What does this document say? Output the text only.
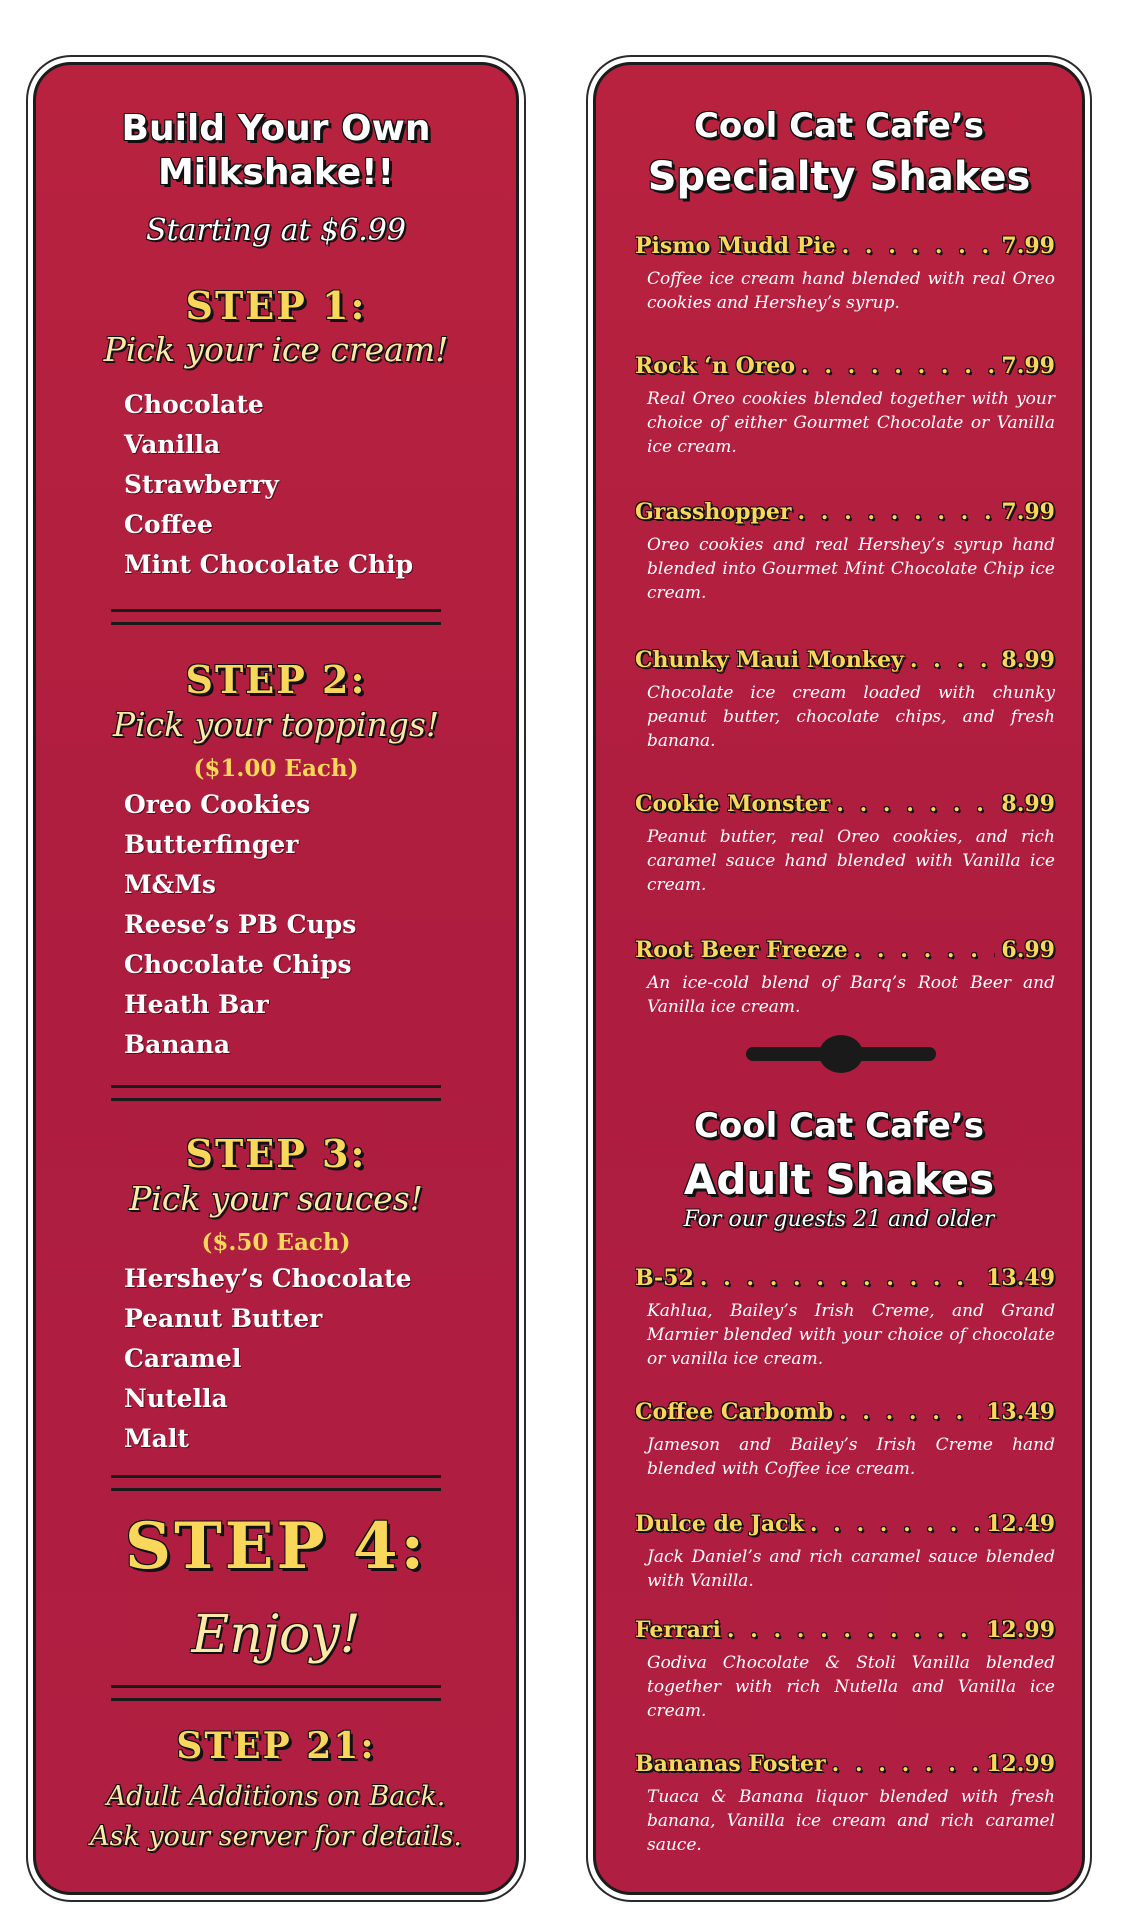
Build Your Own
Milkshake!!
Starting at $6.99
STEP 1:
Pick your ice cream!
Chocolate
Vanilla
Strawberry
Coffee
Mint Chocolate Chip
STEP 2:
Pick your toppings!
($1.00 Each)
Oreo Cookies
Butterfinger
M&Ms
Reese’s PB Cups
Chocolate Chips
Heath Bar
Banana
STEP 3:
Pick your sauces!
($.50 Each)
Hershey’s Chocolate
Peanut Butter
Caramel
Nutella
Malt
STEP 4:
Enjoy!
STEP 21:
Adult Additions on Back.
Ask your server for details.
Cool Cat Cafe’s
Specialty Shakes
Pismo Mudd Pie . . .	7.99
Coffee ice cream hand blended with real Oreo cookies and Hershey’s syrup.
Rock ‘n Oreo . . .	7.99
Real Oreo cookies blended together with your choice of either Gourmet Chocolate or Vanilla ice cream.
Grasshopper . . .	7.99
Oreo cookies and real Hershey’s syrup hand blended into Gourmet Mint Chocolate Chip ice cream.
Chunky Maui Monkey . . .	8.99
Chocolate ice cream loaded with chunky peanut butter, chocolate chips, and fresh banana.
Cookie Monster . . .	8.99
Peanut butter, real Oreo cookies, and rich caramel sauce hand blended with Vanilla ice cream.
Root Beer Freeze . . .	6.99
An ice-cold blend of Barq’s Root Beer and Vanilla ice cream.
Cool Cat Cafe’s
Adult Shakes
For our guests 21 and older
B-52 . . .	13.49
Kahlua, Bailey’s Irish Creme, and Grand Marnier blended with your choice of chocolate or vanilla ice cream.
Coffee Carbomb . . .	13.49
Jameson and Bailey’s Irish Creme hand blended with Coffee ice cream.
Dulce de Jack . . .	12.49
Jack Daniel’s and rich caramel sauce blended with Vanilla.
Ferrari . . .	12.99
Godiva Chocolate & Stoli Vanilla blended together with rich Nutella and Vanilla ice cream.
Bananas Foster . . .	12.99
Tuaca & Banana liquor blended with fresh banana, Vanilla ice cream and rich caramel sauce.
